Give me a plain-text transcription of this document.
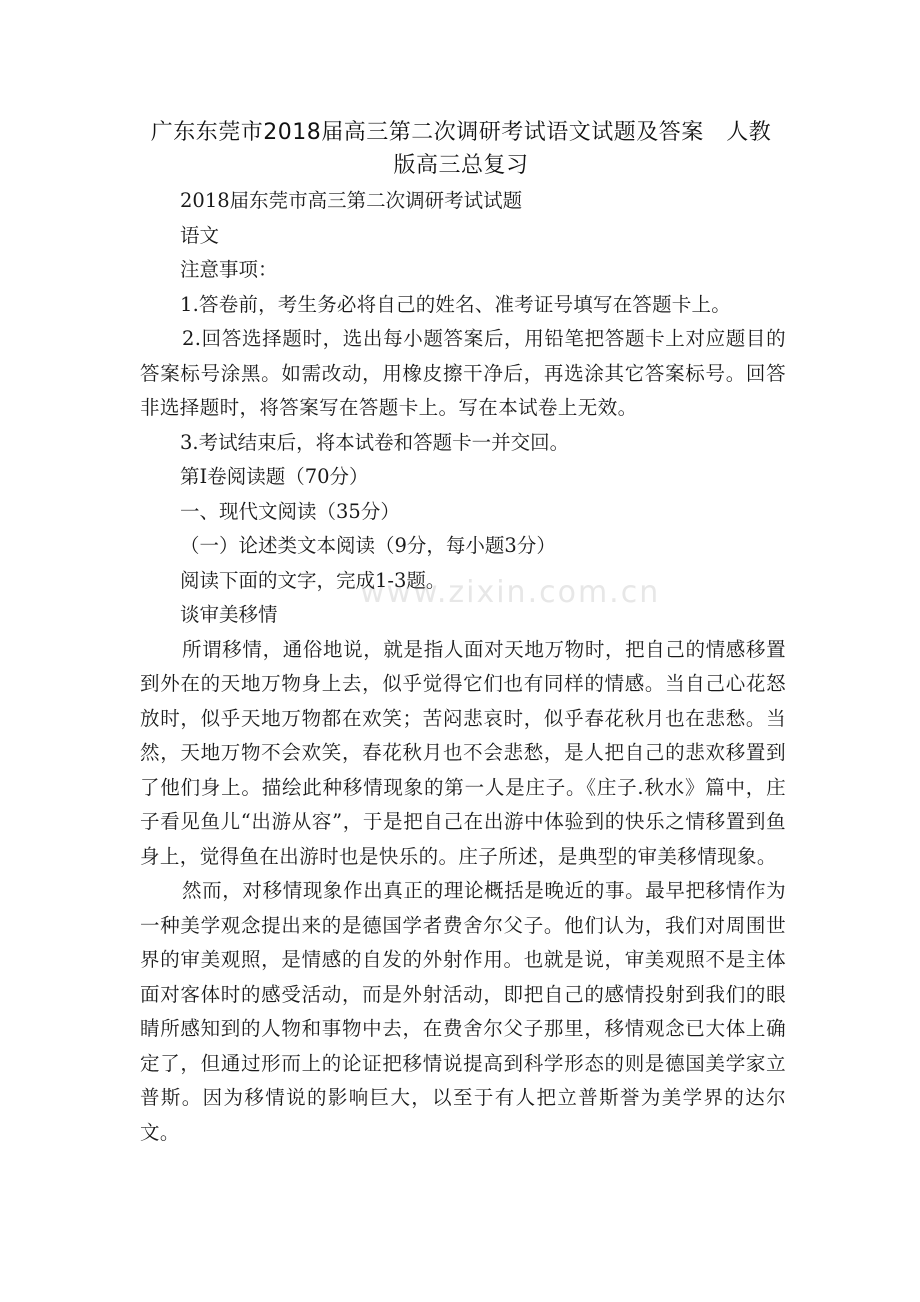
广东东莞市2018届高三第二次调研考试语文试题及答案　人教版高三总复习
www.zixin.com.cn

2018届东莞市高三第二次调研考试试题

语文

注意事项：

1.答卷前，考生务必将自己的姓名、准考证号填写在答题卡上。

2.回答选择题时，选出每小题答案后，用铅笔把答题卡上对应题目的答案标号涂黑。如需改动，用橡皮擦干净后，再选涂其它答案标号。回答非选择题时，将答案写在答题卡上。写在本试卷上无效。

3.考试结束后，将本试卷和答题卡一并交回。

第Ⅰ卷阅读题（70分）

一、现代文阅读（35分）

（一）论述类文本阅读（9分，每小题3分）

阅读下面的文字，完成1-3题。

谈审美移情

所谓移情，通俗地说，就是指人面对天地万物时，把自己的情感移置到外在的天地万物身上去，似乎觉得它们也有同样的情感。当自己心花怒放时，似乎天地万物都在欢笑；苦闷悲哀时，似乎春花秋月也在悲愁。当然，天地万物不会欢笑，春花秋月也不会悲愁，是人把自己的悲欢移置到了他们身上。描绘此种移情现象的第一人是庄子。《庄子.秋水》篇中，庄子看见鱼儿“出游从容”，于是把自己在出游中体验到的快乐之情移置到鱼身上，觉得鱼在出游时也是快乐的。庄子所述，是典型的审美移情现象。

然而，对移情现象作出真正的理论概括是晚近的事。最早把移情作为一种美学观念提出来的是德国学者费舍尔父子。他们认为，我们对周围世界的审美观照，是情感的自发的外射作用。也就是说，审美观照不是主体面对客体时的感受活动，而是外射活动，即把自己的感情投射到我们的眼睛所感知到的人物和事物中去，在费舍尔父子那里，移情观念已大体上确定了，但通过形而上的论证把移情说提高到科学形态的则是德国美学家立普斯。因为移情说的影响巨大，以至于有人把立普斯誉为美学界的达尔文。
